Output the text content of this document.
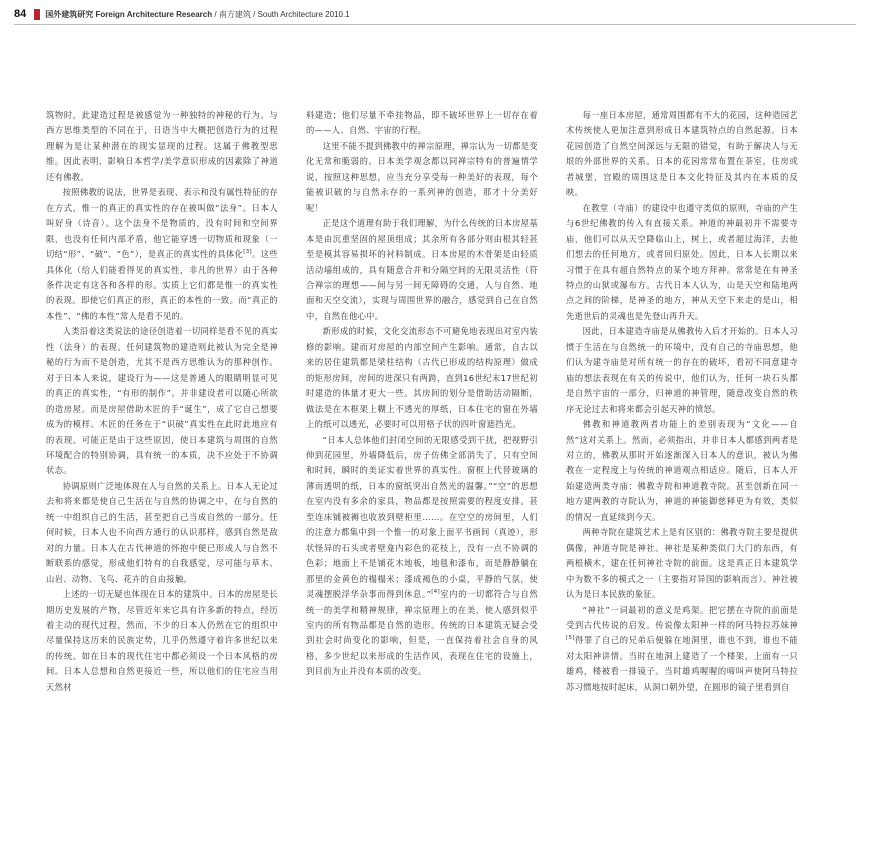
84 国外建筑研究 Foreign Architecture Research / 南方建筑 / South Architecture 2010.1

筑物时，此建造过程是被感觉为一种独特的神秘的行为。与西方思维类型的不同在于，日语当中大概把创造行为的过程理解为是让某种潜在的现实显现的过程。这属于佛教型思维。因此表明，影响日本哲学/美学意识形成的因素除了神道还有佛教。

按照佛教的说法，世界是表现、表示和没有属性特征的存在方式，惟一的真正的真实性的存在被叫做“法身”。日本人叫好身（诗音）。这个法身不是物质的，没有时间和空间界限，也没有任何内部矛盾，他它能穿透一切物质和现象（一切结“形”、“破”、“色”），是真正的真实性的具体化[3]。这些具体化（给人们能看得见的真实性，非凡的世界）由于各种条件决定有这各和各样的形。实质上它们都是惟一的真实性的表现。即使它们真正的形，真正的本性的一致。而“真正的本性”、“佛的本性”常人是看不见的。

人类沿着这类说法的途径创造着一切同样是看不见的真实性（法身）的表现。任何建筑物的建造则此被认为完全是神秘的行为而不是创造，尤其不是西方思维认为的那种创作。对于日本人来说，建设行为——这是普通人的眼睛明显可见的真正的真实性，“有形的制作”。并非建设者可以随心所欲的造房屋。而是房屋借助木匠的手“诞生”，成了它自己想要成为的模样。木匠的任务在于“识破”真实性在此时此地应有的表现。可能正是由于这些原因，使日本建筑与周围的自然环境配合的特别协调，具有统一的本质，决不应处于不协调状态。

协调原则广泛地体现在人与自然的关系上。日本人无论过去和将来都是使自己生活在与自然的协调之中，在与自然的统一中组织自己的生活，甚至把自己当成自然的一部分。任何时候，日本人也不向西方通行的认识那样，感到自然是敌对的力量。日本人在古代神道的怀抱中便已形成人与自然不断联系的感觉，形成他们特有的自我感觉，尽可能与草木、山岩、动物、飞鸟、花卉的自由接触。

上述的一切无疑也体现在日本的建筑中。日本的房屋是长期历史发展的产物，尽管近年来它具有许多新的特点，经历着主动的现代过程，然而，不少的日本人仍然在它的组织中尽量保持这历来的民族定势，几乎仍然遵守着许多世纪以来的传统。如在日本的现代住宅中都必须设一个日本风格的房间。日本人总想和自然更接近一些，所以他们的住宅应当用天然材

料建造；他们尽量不牵挂物品，即不破坏世界上一切存在着的——人、自然、宇宙的行程。

这里不能不提到佛教中的禅宗原理，禅宗认为一切都是变化无常和脆弱的。日本美学观念都以同禅宗特有的普遍情学说，按照这种思想，应当充分享受每一种美好的表现，每个能被识破的与自然永存的一系列神的创造，那才十分美好呢！

正是这个道理有助于我们理解，为什么传统的日本房屋基本是由沉重坚固的屋顶组成；其余所有各部分则由根其轻甚至是模其容易损坏的衬料制成。日本房屋的木骨架是由轻质活动墙组成的，具有随意合并和分隔空间的无限灵活性（符合禅宗的理想——间与另一间无障碍的交通，人与自然、地面和天空交流），实现与周围世界的融合，感觉到自己在自然中，自然在他心中。

新形成的时候，文化交流形态不可避免地表现出对室内装修的影响。建而对房屋的内部空间产生影响。通常，自古以来的居住建筑都是梁柱结构（古代已形成的结构原理）做成的矩形房间，房间的进深只有两跨，直到16世纪末17世纪初时建造的体量才更大一些。其房间的划分是借助活动隔断，做法是在木框架上糊上不透光的厚纸，日本住宅的窗在外墙上的纸可以透光，必要时可以用格子状的四叶窗遮挡光。

“日本人总体他们封闭空间的无限感受到干扰，把视野引伸到花园里，外墙降低后，房子仿佛全部消失了，只有空间和时间，瞬时的美证实着世界的真实性。窗框上代替玻璃的薄而透明的纸，日本的窗纸突出自然光的温馨。”“空”的思想在室内没有多余的家具，物品都是按照需要的程度安排。甚至连床铺被褥也收放到壁柜里……。在空空的房间里，人们的注意力都集中到一个惟一的对象上面平书画间（真迹），形状怪异的石头或者壁龛内彩色的花枝上，没有一点不协调的色彩；地面上不是铺花木地板，地毯和漆布，而是静静躺在那里的金黄色的榻榻米；漆成褐色的小桌，平静的气氛，使灵魂摆脱浮华杂事而得到休息。”[4]室内的一切都符合与自然统一的美学和精神规律，禅宗原理上的在美，使人感到似乎室内的所有物品都是自然的造形。传统的日本建筑无疑会受到社会时尚变化的影响，但是，一直保持着社会自身的风格，多少世纪以来形成的生活作风，表现在住宅的设施上，到目前为止并没有本质的改变。

每一座日本房屋，通常周围都有不大的花园，这种造园艺术传统使人更加注意到形成日本建筑特点的自然起源。日本花园创造了自然空间深远与无限的错觉，有助于解决人与无垠的外部世界的关系。日本的花园常常布置在茶室，住房或者城堡，宫殿的周围这是日本文化特征及其内在本质的反映。

在教堂（寺庙）的建设中也遵守类似的原则，寺庙的产生与6世纪佛教的传入有直接关系。神道的神最初并不需要寺庙，他们可以从天空降临山上，树上，或者超过海洋，去他们想去的任何地方，或者回归原处。因此，日本人长期以来习惯于在具有超自然特点的某个地方拜神。常常是在有神圣特点的山狱或瀑布方。古代日本人认为，山是天空和陆地两点之间的阶梯，是神圣的地方，神从天空下来走的是山，相先逝世后的灵魂也是先登山再升天。

因此，日本建造寺庙是从佛教传入后才开始的。日本人习惯于生活在与自然统一的环境中，没有自己的寺庙思想，他们认为建寺庙是对所有统一的存在的破坏，看初不同意建寺庙的想法表现在有关的传说中，他们认为，任何一块石头都是自然宇宙的一部分，归神道的神管理，随意改变自然的秩序无论过去和将来都会引起天神的愤怒。

佛教和神道教两者功能上的差别表现为“文化——自然”这对关系上。然而，必须指出，并非日本人都感到两者是对立的，佛教从那时开始逐渐深入日本人的意识，被认为佛教在一定程度上与传统的神道观点相适应。随后，日本人开始建造两类寺庙：佛教寺院和神道教寺院。甚至创新在同一地方建两教的寺院认为，神道的神能御慈释更为有效，类似的情况一直延续到今天。

两种寺院在建筑艺术上是有区别的：佛教寺院主要是提供偶像，神道寺院是神社。神社是某种类似门大门的东西，有两根横木，建在任何神社寺院的前面。这是真正日本建筑学中为数不多的模式之一（主要指对异国的影响而言）。神社被认为是日本民族的象征。

“神社”一词最初的意义是鸡架。把它摆在寺院的前面是受到古代传说的启发。传说像太阳神一样的阿马特拉苏妹神[5]得罪了自己的兄弟后便躲在地洞里，谁也不到，谁也不能对太阳神讲情。当时在地洞上建造了一个楼架，上面有一只雄鸡，楼被看一排镜子。当时雄鸡喔喔的啼叫声使阿马特拉苏习惯地按时起床，从洞口朝外望，在圆形的镜子里看到自
